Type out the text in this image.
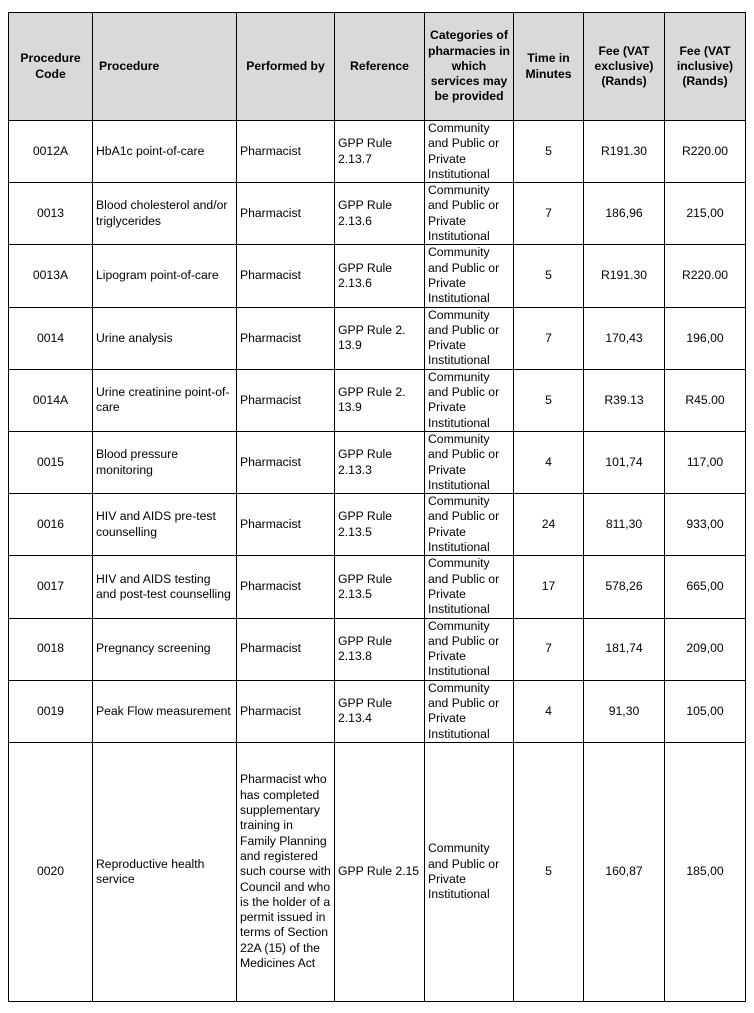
Procedure Code	Procedure	Performed by	Reference	Categories of pharmacies in which services may be provided	Time in Minutes	Fee (VAT exclusive) (Rands)	Fee (VAT inclusive) (Rands)
0012A	HbA1c point-of-care	Pharmacist	GPP Rule 2.13.7	Community and Public or Private Institutional	5	R191.30	R220.00
0013	Blood cholesterol and/or triglycerides	Pharmacist	GPP Rule 2.13.6	Community and Public or Private Institutional	7	186,96	215,00
0013A	Lipogram point-of-care	Pharmacist	GPP Rule 2.13.6	Community and Public or Private Institutional	5	R191.30	R220.00
0014	Urine analysis	Pharmacist	GPP Rule 2. 13.9	Community and Public or Private Institutional	7	170,43	196,00
0014A	Urine creatinine point-of-care	Pharmacist	GPP Rule 2. 13.9	Community and Public or Private Institutional	5	R39.13	R45.00
0015	Blood pressure monitoring	Pharmacist	GPP Rule 2.13.3	Community and Public or Private Institutional	4	101,74	117,00
0016	HIV and AIDS pre-test counselling	Pharmacist	GPP Rule 2.13.5	Community and Public or Private Institutional	24	811,30	933,00
0017	HIV and AIDS testing and post-test counselling	Pharmacist	GPP Rule 2.13.5	Community and Public or Private Institutional	17	578,26	665,00
0018	Pregnancy screening	Pharmacist	GPP Rule 2.13.8	Community and Public or Private Institutional	7	181,74	209,00
0019	Peak Flow measurement	Pharmacist	GPP Rule 2.13.4	Community and Public or Private Institutional	4	91,30	105,00
0020	Reproductive health service	Pharmacist who has completed supplementary training in Family Planning and registered such course with Council and who is the holder of a permit issued in terms of Section 22A (15) of the Medicines Act	GPP Rule 2.15	Community and Public or Private Institutional	5	160,87	185,00
